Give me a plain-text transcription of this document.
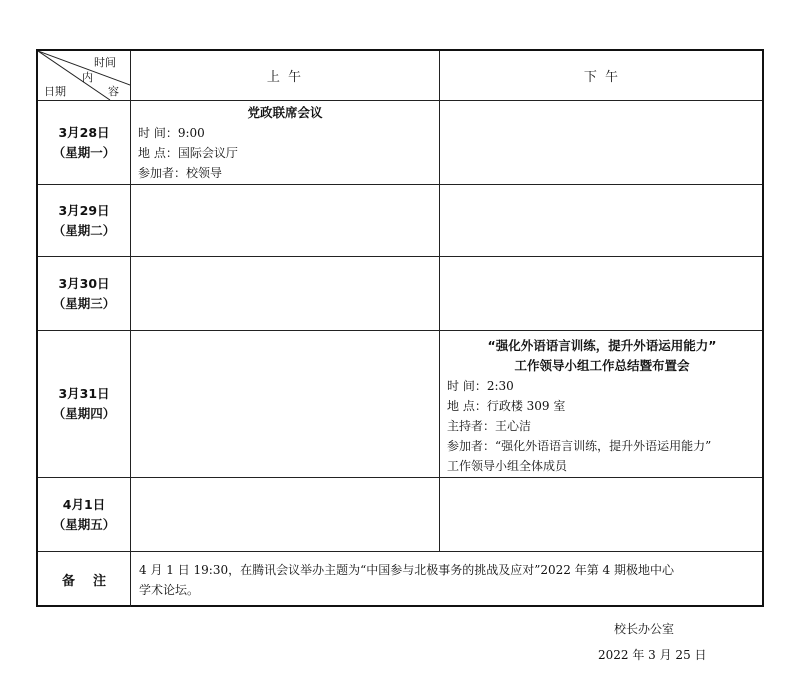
时间
内
容
日期
上 午	下 午
3月28日
（星期一）
党政联席会议
时 间：9:00
地 点：国际会议厅
参加者：校领导
3月29日
（星期二）
3月30日
（星期三）
3月31日
（星期四）
“强化外语语言训练，提升外语运用能力”
工作领导小组工作总结暨布置会
时 间：2:30
地 点：行政楼 309 室
主持者：王心洁
参加者：“强化外语语言训练，提升外语运用能力”
工作领导小组全体成员
4月1日
（星期五）
备注
4 月 1 日 19:30，在腾讯会议举办主题为“中国参与北极事务的挑战及应对”2022 年第 4 期极地中心
学术论坛。
校长办公室
2022 年 3 月 25 日
